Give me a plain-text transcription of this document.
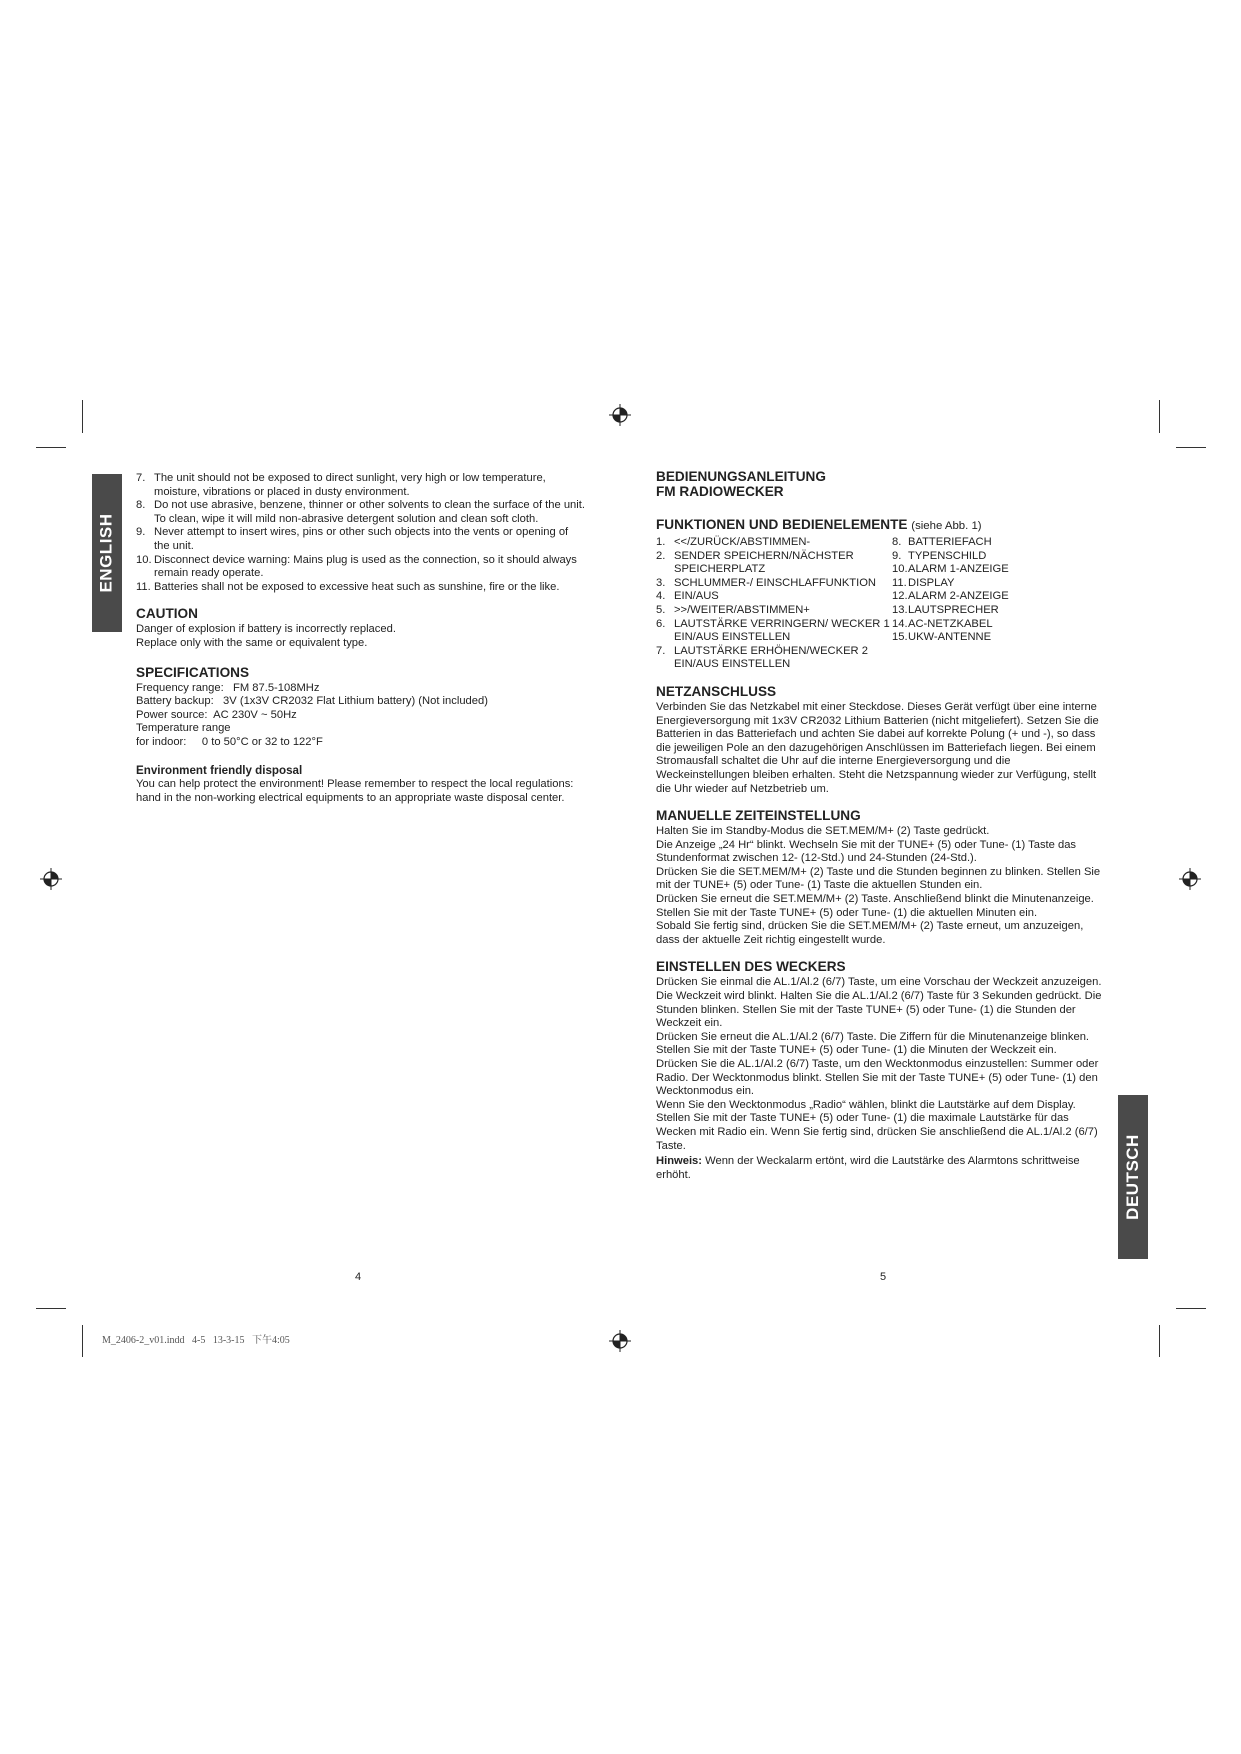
ENGLISH
DEUTSCH
7. The unit should not be exposed to direct sunlight, very high or low temperature, moisture, vibrations or placed in dusty environment.
8. Do not use abrasive, benzene, thinner or other solvents to clean the surface of the unit. To clean, wipe it will mild non-abrasive detergent solution and clean soft cloth.
9. Never attempt to insert wires, pins or other such objects into the vents or opening of the unit.
10. Disconnect device warning: Mains plug is used as the connection, so it should always remain ready operate.
11. Batteries shall not be exposed to excessive heat such as sunshine, fire or the like.
CAUTION

Danger of explosion if battery is incorrectly replaced.

Replace only with the same or equivalent type.

SPECIFICATIONS

Frequency range:   FM 87.5-108MHz

Battery backup:   3V (1x3V CR2032 Flat Lithium battery) (Not included)

Power source:  AC 230V ~ 50Hz

Temperature range

for indoor:     0 to 50°C or 32 to 122°F

Environment friendly disposal

You can help protect the environment! Please remember to respect the local regulations: hand in the non-working electrical equipments to an appropriate waste disposal center.

4
BEDIENUNGSANLEITUNG
FM RADIOWECKER
FUNKTIONEN UND BEDIENELEMENTE (siehe Abb. 1)
1. <</ZURÜCK/ABSTIMMEN-
2. SENDER SPEICHERN/NÄCHSTER SPEICHERPLATZ
3. SCHLUMMER-/ EINSCHLAFFUNKTION
4. EIN/AUS
5. >>/WEITER/ABSTIMMEN+
6. LAUTSTÄRKE VERRINGERN/ WECKER 1 EIN/AUS EINSTELLEN
7. LAUTSTÄRKE ERHÖHEN/WECKER 2 EIN/AUS EINSTELLEN
8. BATTERIEFACH
9. TYPENSCHILD
10. ALARM 1-ANZEIGE
11. DISPLAY
12. ALARM 2-ANZEIGE
13. LAUTSPRECHER
14. AC-NETZKABEL
15. UKW-ANTENNE
NETZANSCHLUSS

Verbinden Sie das Netzkabel mit einer Steckdose. Dieses Gerät verfügt über eine interne Energieversorgung mit 1x3V CR2032 Lithium Batterien (nicht mitgeliefert). Setzen Sie die Batterien in das Batteriefach und achten Sie dabei auf korrekte Polung (+ und -), so dass die jeweiligen Pole an den dazugehörigen Anschlüssen im Batteriefach liegen. Bei einem Stromausfall schaltet die Uhr auf die interne Energieversorgung und die Weckeinstellungen bleiben erhalten. Steht die Netzspannung wieder zur Verfügung, stellt die Uhr wieder auf Netzbetrieb um.

MANUELLE ZEITEINSTELLUNG

Halten Sie im Standby-Modus die SET.MEM/M+ (2) Taste gedrückt.

Die Anzeige „24 Hr“ blinkt. Wechseln Sie mit der TUNE+ (5) oder Tune- (1) Taste das Stundenformat zwischen 12- (12-Std.) und 24-Stunden (24-Std.).

Drücken Sie die SET.MEM/M+ (2) Taste und die Stunden beginnen zu blinken. Stellen Sie mit der TUNE+ (5) oder Tune- (1) Taste die aktuellen Stunden ein.

Drücken Sie erneut die SET.MEM/M+ (2) Taste. Anschließend blinkt die Minutenanzeige. Stellen Sie mit der Taste TUNE+ (5) oder Tune- (1) die aktuellen Minuten ein.

Sobald Sie fertig sind, drücken Sie die SET.MEM/M+ (2) Taste erneut, um anzuzeigen, dass der aktuelle Zeit richtig eingestellt wurde.

EINSTELLEN DES WECKERS

Drücken Sie einmal die AL.1/Al.2 (6/7) Taste, um eine Vorschau der Weckzeit anzuzeigen.

Die Weckzeit wird blinkt. Halten Sie die AL.1/Al.2 (6/7) Taste für 3 Sekunden gedrückt. Die Stunden blinken. Stellen Sie mit der Taste TUNE+ (5) oder Tune- (1) die Stunden der Weckzeit ein.

Drücken Sie erneut die AL.1/Al.2 (6/7) Taste. Die Ziffern für die Minutenanzeige blinken. Stellen Sie mit der Taste TUNE+ (5) oder Tune- (1) die Minuten der Weckzeit ein.

Drücken Sie die AL.1/Al.2 (6/7) Taste, um den Wecktonmodus einzustellen: Summer oder Radio. Der Wecktonmodus blinkt. Stellen Sie mit der Taste TUNE+ (5) oder Tune- (1) den Wecktonmodus ein.

Wenn Sie den Wecktonmodus „Radio“ wählen, blinkt die Lautstärke auf dem Display. Stellen Sie mit der Taste TUNE+ (5) oder Tune- (1) die maximale Lautstärke für das Wecken mit Radio ein. Wenn Sie fertig sind, drücken Sie anschließend die AL.1/Al.2 (6/7) Taste.

Hinweis: Wenn der Weckalarm ertönt, wird die Lautstärke des Alarmtons schrittweise erhöht.

5
M_2406-2_v01.indd   4-5   13-3-15   下午4:05
